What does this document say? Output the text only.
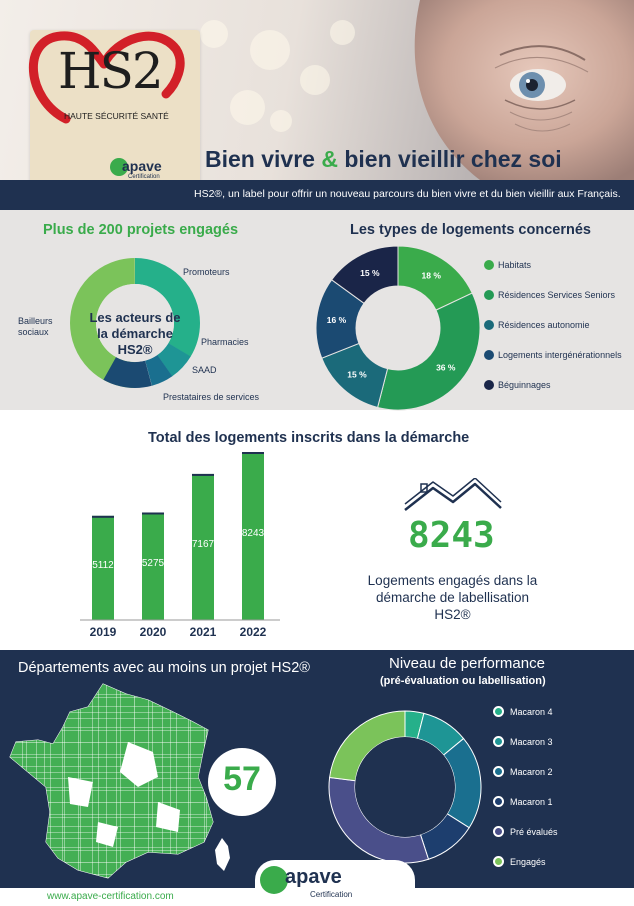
HS2
HAUTE SÉCURITÉ SANTÉ
apave
Certification
Bien vivre & bien vieillir chez soi
HS2®, un label pour offrir un nouveau parcours du bien vivre et du bien vieillir aux Français.
Plus de 200 projets engagés
Les acteurs de
la démarche
HS2®
Promoteurs
Pharmacies
SAAD
Prestataires de services
Bailleurs
sociaux
Les types de logements concernés
18 %
36 %
15 %
16 %
15 %
Habitats
Résidences Services Seniors
Résidences autonomie
Logements intergénérationnels
Béguinnages
Total des logements inscrits dans la démarche
5112
2019
5275
2020
7167
2021
8243
2022
8243
Logements engagés dans la
démarche de labellisation
HS2®
Départements avec au moins un projet HS2®
57
Niveau de performance
(pré-évaluation ou labellisation)
Macaron 4
Macaron 3
Macaron 2
Macaron 1
Pré évalués
Engagés
apave
Certification
www.apave-certification.com
